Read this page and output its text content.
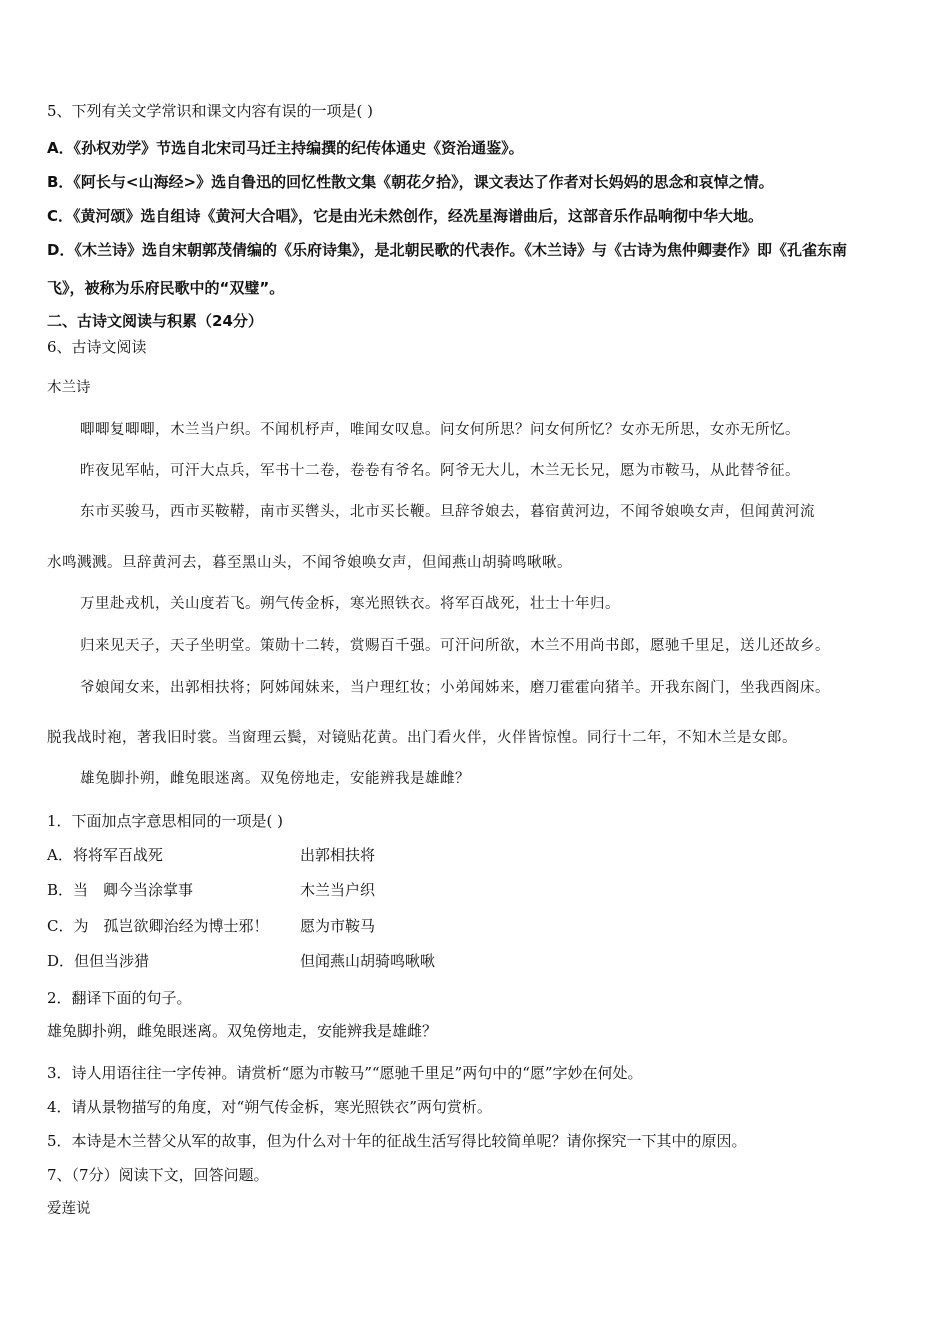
5、下列有关文学常识和课文内容有误的一项是( )
A．《孙权劝学》节选自北宋司马迁主持编撰的纪传体通史《资治通鉴》。
B．《阿长与<山海经>》选自鲁迅的回忆性散文集《朝花夕拾》，课文表达了作者对长妈妈的思念和哀悼之情。
C．《黄河颂》选自组诗《黄河大合唱》，它是由光未然创作，经冼星海谱曲后，这部音乐作品响彻中华大地。
D．《木兰诗》选自宋朝郭茂倩编的《乐府诗集》，是北朝民歌的代表作。《木兰诗》与《古诗为焦仲卿妻作》即《孔雀东南
飞》，被称为乐府民歌中的“双璧”。
二、古诗文阅读与积累（24分）
6、古诗文阅读
木兰诗
唧唧复唧唧，木兰当户织。不闻机杼声，唯闻女叹息。问女何所思？问女何所忆？女亦无所思，女亦无所忆。
昨夜见军帖，可汗大点兵，军书十二卷，卷卷有爷名。阿爷无大儿，木兰无长兄，愿为市鞍马，从此替爷征。
东市买骏马，西市买鞍鞯，南市买辔头，北市买长鞭。旦辞爷娘去，暮宿黄河边，不闻爷娘唤女声，但闻黄河流
水鸣溅溅。旦辞黄河去，暮至黑山头，不闻爷娘唤女声，但闻燕山胡骑鸣啾啾。
万里赴戎机，关山度若飞。朔气传金柝，寒光照铁衣。将军百战死，壮士十年归。
归来见天子，天子坐明堂。策勋十二转，赏赐百千强。可汗问所欲，木兰不用尚书郎，愿驰千里足，送儿还故乡。
爷娘闻女来，出郭相扶将；阿姊闻妹来，当户理红妆；小弟闻姊来，磨刀霍霍向猪羊。开我东阁门，坐我西阁床。
脱我战时袍，著我旧时裳。当窗理云鬓，对镜贴花黄。出门看火伴，火伴皆惊惶。同行十二年，不知木兰是女郎。
雄兔脚扑朔，雌兔眼迷离。双兔傍地走，安能辨我是雄雌？
1．下面加点字意思相同的一项是( )
A．将将军百战死	出郭相扶将
B．当　卿今当涂掌事	木兰当户织
C．为　孤岂欲卿治经为博士邪！ 愿为市鞍马
D．但但当涉猎	但闻燕山胡骑鸣啾啾
2．翻译下面的句子。
雄兔脚扑朔，雌兔眼迷离。双兔傍地走，安能辨我是雄雌？
3．诗人用语往往一字传神。请赏析“愿为市鞍马”“愿驰千里足”两句中的“愿”字妙在何处。
4．请从景物描写的角度，对“朔气传金柝，寒光照铁衣”两句赏析。
5．本诗是木兰替父从军的故事，但为什么对十年的征战生活写得比较简单呢？请你探究一下其中的原因。
7、（7分）阅读下文，回答问题。
爱莲说
